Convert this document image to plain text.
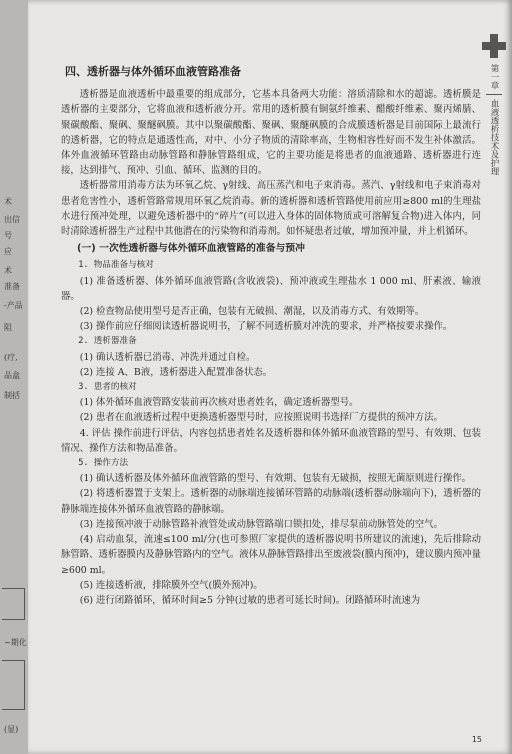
术
准备
出信
号
应
术
-产品
阻
(疗,
品盒
制括
~期化
(显)
第一章
血液透析技术及护理

四、透析器与体外循环血液管路准备

透析器是血液透析中最重要的组成部分，它基本具备两大功能：溶质清除和水的超滤。透析膜是透析器的主要部分，它将血液和透析液分开。常用的透析膜有铜氨纤维素、醋酸纤维素、聚丙烯腈、聚碳酸酯、聚砜、聚醚砜膜。其中以聚碳酸酯、聚砜、聚醚砜膜的合成膜透析器是目前国际上最流行的透析器，它的特点是通透性高，对中、小分子物质的清除率高，生物相容性好而不发生补体激活。体外血液循环管路由动脉管路和静脉管路组成，它的主要功能是将患者的血液通路、透析器进行连接，达到排气、预冲、引血、循环、监测的目的。

透析器常用消毒方法为环氧乙烷、γ射线、高压蒸汽和电子束消毒。蒸汽、γ射线和电子束消毒对患者危害性小，透析管路常规用环氧乙烷消毒。新的透析器和透析管路使用前应用≥800 ml的生理盐水进行预冲处理，以避免透析器中的“碎片”(可以进入身体的固体物质或可溶解复合物)进入体内，同时清除透析器生产过程中其他潜在的污染物和消毒剂。如怀疑患者过敏，增加预冲量，并上机循环。

(一) 一次性透析器与体外循环血液管路的准备与预冲

1. 物品准备与核对

(1) 准备透析器、体外循环血液管路(含收液袋)、预冲液或生理盐水 1 000 ml、肝素液、输液器。

(2) 检查物品使用型号是否正确，包装有无破损、潮湿，以及消毒方式、有效期等。

(3) 操作前应仔细阅读透析器说明书，了解不同透析膜对冲洗的要求，并严格按要求操作。

2. 透析器准备

(1) 确认透析器已消毒、冲洗并通过自检。

(2) 连接 A、B液，透析器进入配置准备状态。

3. 患者的核对

(1) 体外循环血液管路安装前再次核对患者姓名，确定透析器型号。

(2) 患者在血液透析过程中更换透析器型号时，应按照说明书选择厂方提供的预冲方法。

4. 评估 操作前进行评估，内容包括患者姓名及透析器和体外循环血液管路的型号、有效期、包装情况、操作方法和物品准备。

5. 操作方法

(1) 确认透析器及体外循环血液管路的型号、有效期、包装有无破损，按照无菌原则进行操作。

(2) 将透析器置于支架上。透析器的动脉端连接循环管路的动脉端(透析器动脉端向下)，透析器的静脉端连接体外循环血液管路的静脉端。

(3) 连接预冲液于动脉管路补液管处或动脉管路端口锁扣处，排尽泵前动脉管处的空气。

(4) 启动血泵，流速≤100 ml/分(也可参照厂家提供的透析器说明书所建议的流速)，先后排除动脉管路、透析器膜内及静脉管路内的空气。液体从静脉管路排出至废液袋(膜内预冲)，建议膜内预冲量≥600 ml。

(5) 连接透析液，排除膜外空气(膜外预冲)。

(6) 进行闭路循环，循环时间≥5 分钟(过敏的患者可延长时间)。闭路循环时流速为

15
